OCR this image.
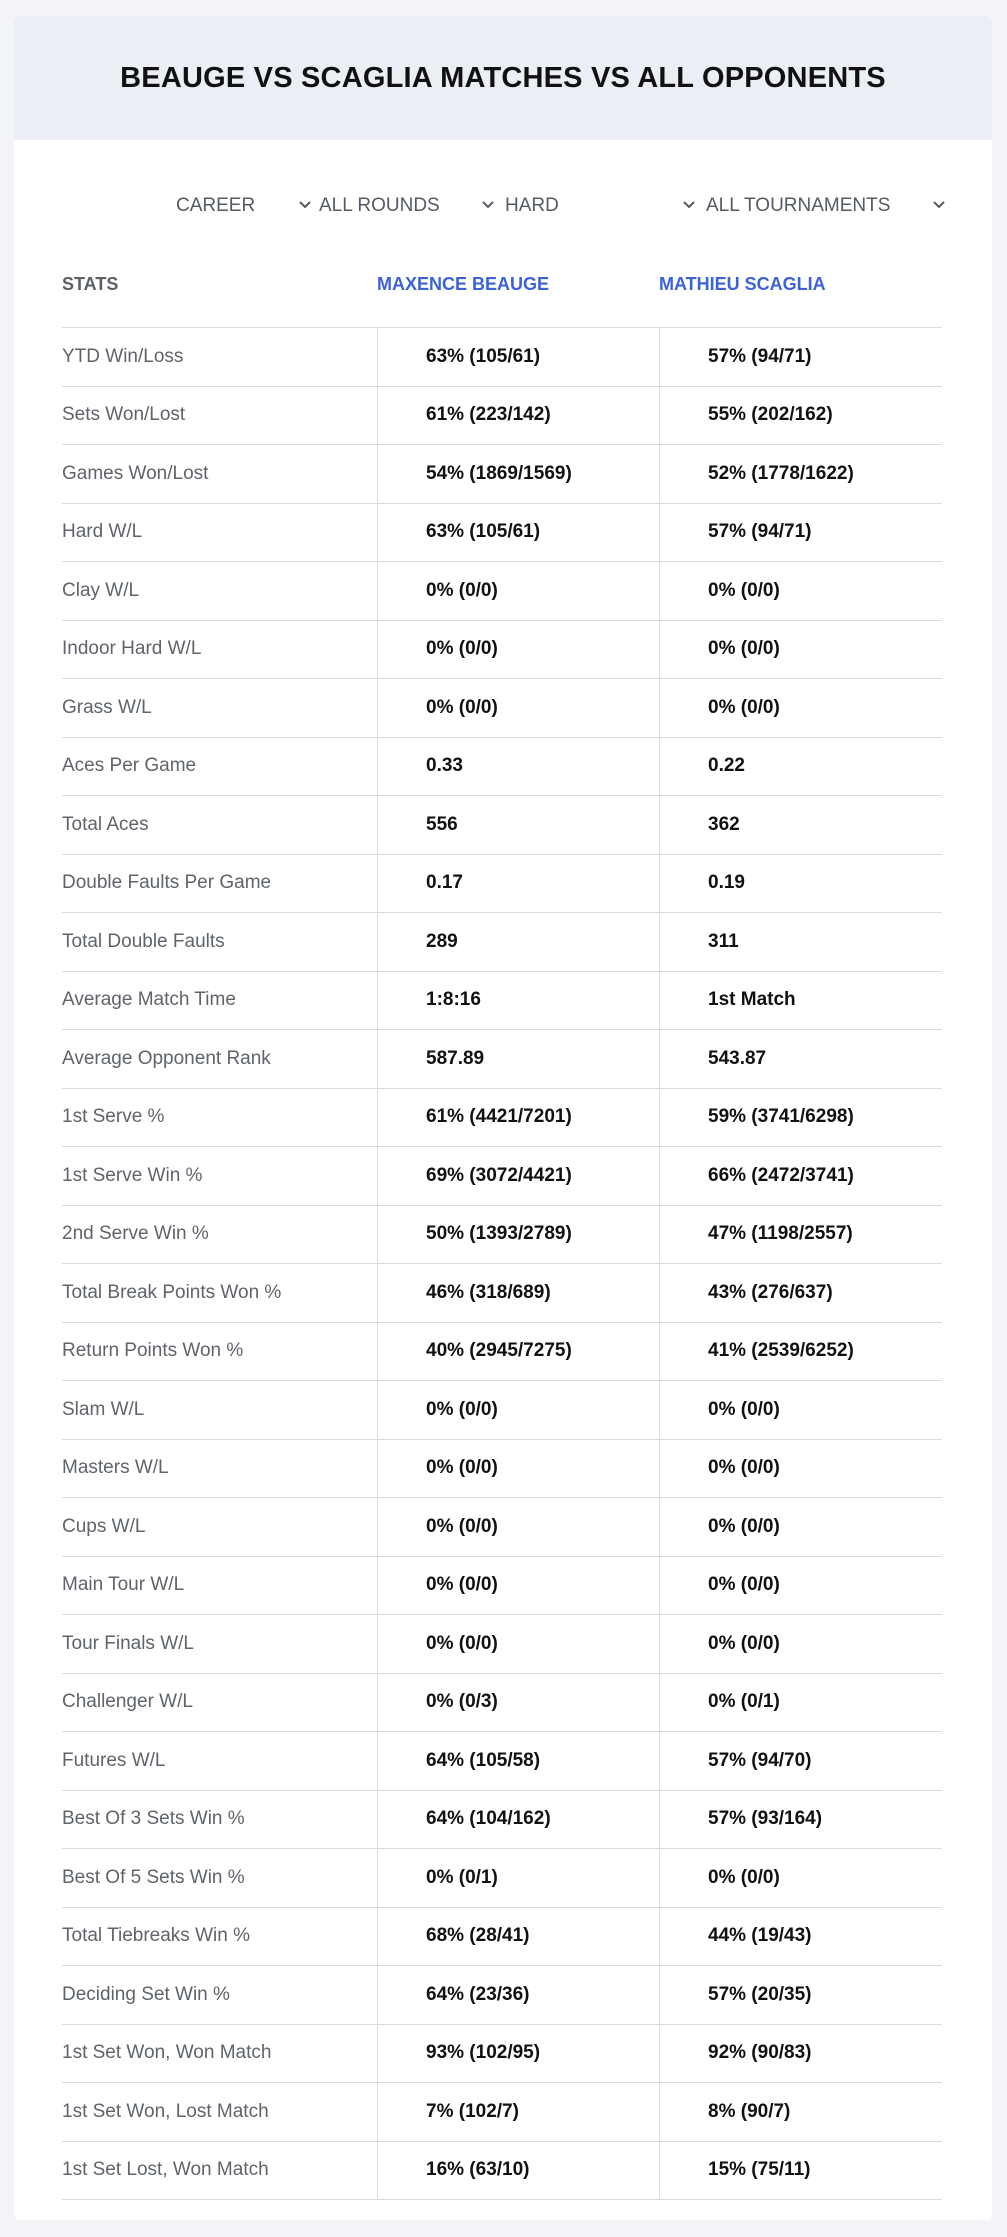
BEAUGE VS SCAGLIA MATCHES VS ALL OPPONENTS
CAREER	ALL ROUNDS	HARD	ALL TOURNAMENTS
STATS	MAXENCE BEAUGE	MATHIEU SCAGLIA
YTD Win/Loss	63% (105/61)	57% (94/71)
Sets Won/Lost	61% (223/142)	55% (202/162)
Games Won/Lost	54% (1869/1569)	52% (1778/1622)
Hard W/L	63% (105/61)	57% (94/71)
Clay W/L	0% (0/0)	0% (0/0)
Indoor Hard W/L	0% (0/0)	0% (0/0)
Grass W/L	0% (0/0)	0% (0/0)
Aces Per Game	0.33	0.22
Total Aces	556	362
Double Faults Per Game	0.17	0.19
Total Double Faults	289	311
Average Match Time	1:8:16	1st Match
Average Opponent Rank	587.89	543.87
1st Serve %	61% (4421/7201)	59% (3741/6298)
1st Serve Win %	69% (3072/4421)	66% (2472/3741)
2nd Serve Win %	50% (1393/2789)	47% (1198/2557)
Total Break Points Won %	46% (318/689)	43% (276/637)
Return Points Won %	40% (2945/7275)	41% (2539/6252)
Slam W/L	0% (0/0)	0% (0/0)
Masters W/L	0% (0/0)	0% (0/0)
Cups W/L	0% (0/0)	0% (0/0)
Main Tour W/L	0% (0/0)	0% (0/0)
Tour Finals W/L	0% (0/0)	0% (0/0)
Challenger W/L	0% (0/3)	0% (0/1)
Futures W/L	64% (105/58)	57% (94/70)
Best Of 3 Sets Win %	64% (104/162)	57% (93/164)
Best Of 5 Sets Win %	0% (0/1)	0% (0/0)
Total Tiebreaks Win %	68% (28/41)	44% (19/43)
Deciding Set Win %	64% (23/36)	57% (20/35)
1st Set Won, Won Match	93% (102/95)	92% (90/83)
1st Set Won, Lost Match	7% (102/7)	8% (90/7)
1st Set Lost, Won Match	16% (63/10)	15% (75/11)
